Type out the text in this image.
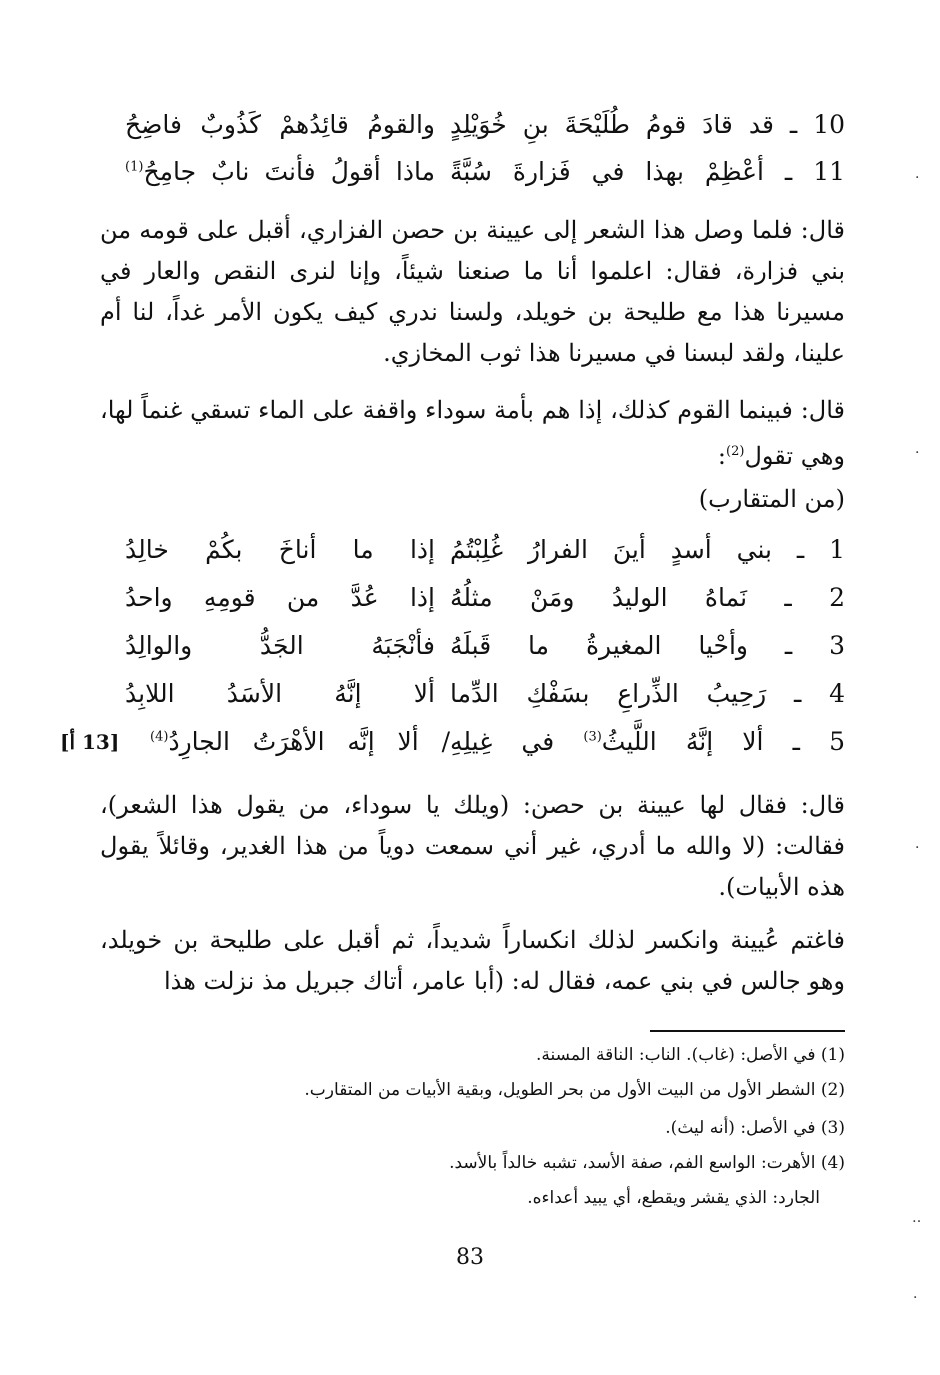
10 ـ قد قادَ قومُ طُلَيْحَةَ بنِ خُوَيْلِدٍ
والقومُ قائِدُهمْ كَذُوبٌ فاضِحُ
11 ـ أعْظِمْ بهذا في فَزارةَ سُبَّةً
ماذا أقولُ فأنتَ نابٌ جامِحُ$^{(1)}$
قال: فلما وصل هذا الشعر إلى عيينة بن حصن الفزاري، أقبل على قومه من بني فزارة، فقال: اعلموا أنا ما صنعنا شيئاً، وإنا لنرى النقص والعار في مسيرنا هذا مع طليحة بن خويلد، ولسنا ندري كيف يكون الأمر غداً، لنا أم علينا، ولقد لبسنا في مسيرنا هذا ثوب المخازي.
قال: فبينما القوم كذلك، إذا هم بأمة سوداء واقفة على الماء تسقي غنماً لها، وهي تقول$^{(2)}$:
(من المتقارب)
1 ـ بني أسدٍ أينَ الفرارُ غُلِبْتُمُ
إذا ما أناخَ بكُمْ خالِدُ
2 ـ نَماهُ الوليدُ ومَنْ مثلُهُ
إذا عُدَّ من قومِهِ واحدُ
3 ـ وأحْيا المغيرةُ ما قَبلَهُ
فأنْجَبَهُ الجَدُّ والوالِدُ
4 ـ رَحِيبُ الذِّراعِ بسَفْكِ الدِّما
ألا إنَّهُ الأسَدُ اللابِدُ
5 ـ ألا إنَّهُ اللَّيثُ$^{(3)}$ في غِيلِهِ
/ ألا إنَّه الأهْرَتُ الجارِدُ$^{(4)}$
[13 أ]
قال: فقال لها عيينة بن حصن: (ويلك يا سوداء، من يقول هذا الشعر)، فقالت: (لا والله ما أدري، غير أني سمعت دوياً من هذا الغدير، وقائلاً يقول هذه الأبيات).
فاغتم عُيينة وانكسر لذلك انكساراً شديداً، ثم أقبل على طليحة بن خويلد، وهو جالس في بني عمه، فقال له: (أبا عامر، أتاك جبريل مذ نزلت هذا
(1) في الأصل: (غاب). الناب: الناقة المسنة.
(2) الشطر الأول من البيت الأول من بحر الطويل، وبقية الأبيات من المتقارب.
(3) في الأصل: (أنه ليث).
(4) الأهرت: الواسع الفم، صفة الأسد، تشبه خالداً بالأسد.
الجارد: الذي يقشر ويقطع، أي يبيد أعداءه.
83
·
·
·
‥
·
